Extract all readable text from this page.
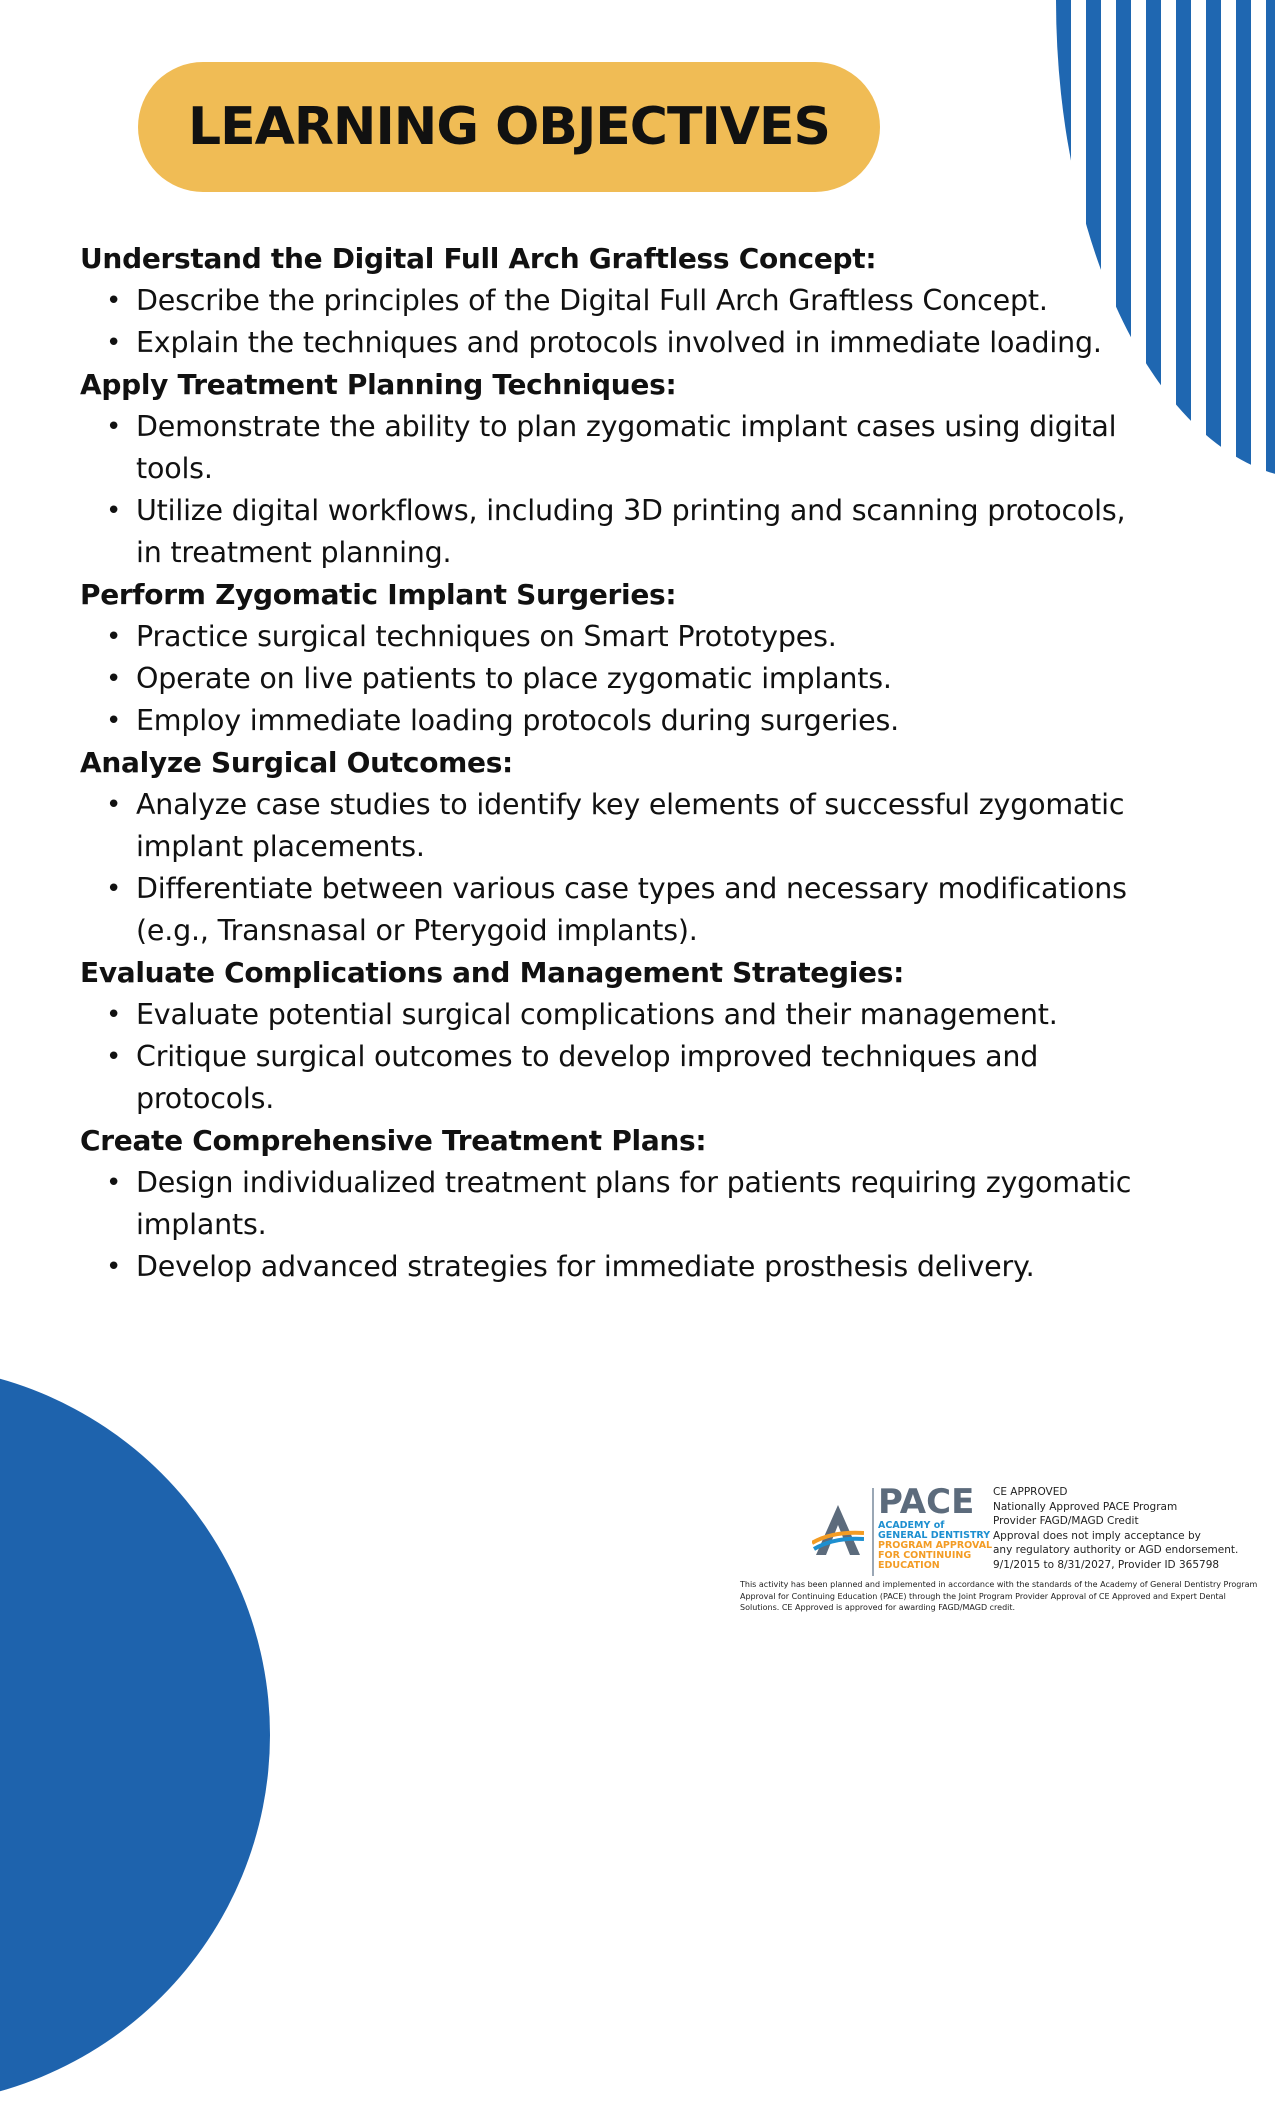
LEARNING OBJECTIVES

Understand the Digital Full Arch Graftless Concept:

• Describe the principles of the Digital Full Arch Graftless Concept.
• Explain the techniques and protocols involved in immediate loading.

Apply Treatment Planning Techniques:

• Demonstrate the ability to plan zygomatic implant cases using digital tools.
• Utilize digital workflows, including 3D printing and scanning protocols, in treatment planning.

Perform Zygomatic Implant Surgeries:

• Practice surgical techniques on Smart Prototypes.
• Operate on live patients to place zygomatic implants.
• Employ immediate loading protocols during surgeries.

Analyze Surgical Outcomes:

• Analyze case studies to identify key elements of successful zygomatic implant placements.
• Differentiate between various case types and necessary modifications (e.g., Transnasal or Pterygoid implants).

Evaluate Complications and Management Strategies:

• Evaluate potential surgical complications and their management.
• Critique surgical outcomes to develop improved techniques and protocols.

Create Comprehensive Treatment Plans:

• Design individualized treatment plans for patients requiring zygomatic implants.
• Develop advanced strategies for immediate prosthesis delivery.
PACE
ACADEMY of
GENERAL DENTISTRY
PROGRAM APPROVAL
FOR CONTINUING
EDUCATION
CE APPROVED
Nationally Approved PACE Program
Provider FAGD/MAGD Credit
Approval does not imply acceptance by
any regulatory authority or AGD endorsement.
9/1/2015 to 8/31/2027, Provider ID 365798
This activity has been planned and implemented in accordance with the standards of the Academy of General Dentistry Program Approval for Continuing Education (PACE) through the Joint Program Provider Approval of CE Approved and Expert Dental Solutions. CE Approved is approved for awarding FAGD/MAGD credit.
